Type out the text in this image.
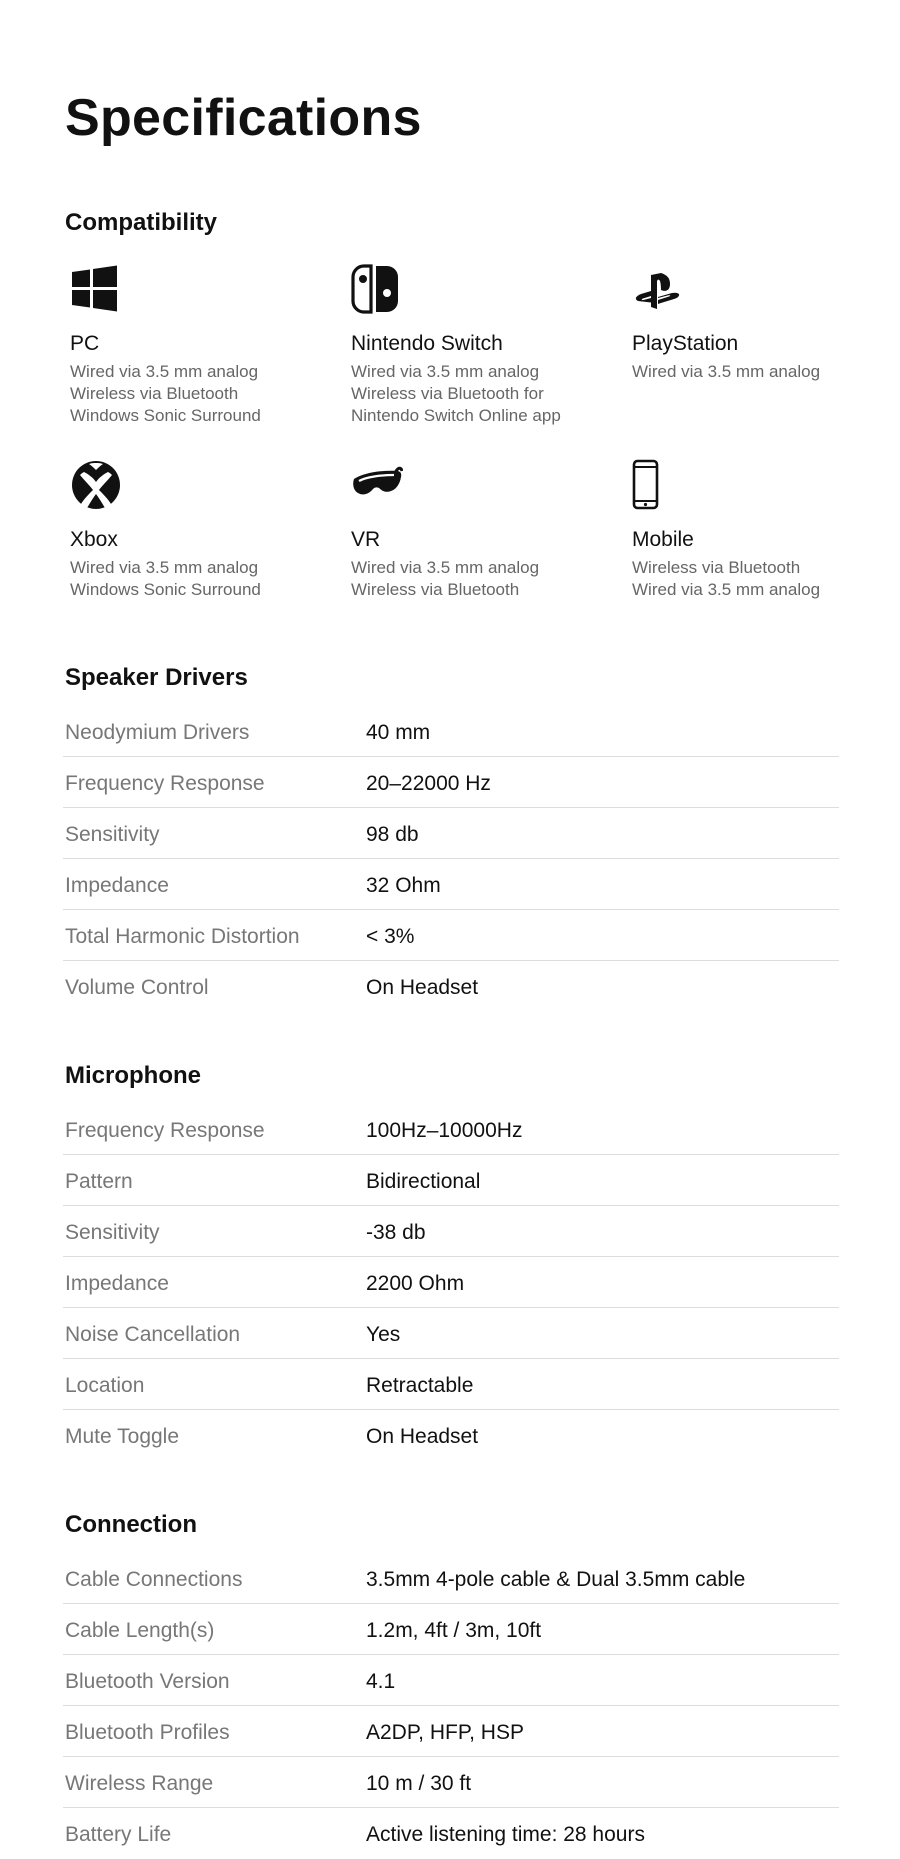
Specifications
Compatibility
PC
Wired via 3.5 mm analog
Wireless via Bluetooth
Windows Sonic Surround
Nintendo Switch
Wired via 3.5 mm analog
Wireless via Bluetooth for
Nintendo Switch Online app
PlayStation
Wired via 3.5 mm analog
Xbox
Wired via 3.5 mm analog
Windows Sonic Surround
VR
Wired via 3.5 mm analog
Wireless via Bluetooth
Mobile
Wireless via Bluetooth
Wired via 3.5 mm analog
Speaker Drivers
Neodymium Drivers	40 mm
Frequency Response	20–22000 Hz
Sensitivity	98 db
Impedance	32 Ohm
Total Harmonic Distortion	< 3%
Volume Control	On Headset
Microphone
Frequency Response	100Hz–10000Hz
Pattern	Bidirectional
Sensitivity	-38 db
Impedance	2200 Ohm
Noise Cancellation	Yes
Location	Retractable
Mute Toggle	On Headset
Connection
Cable Connections	3.5mm 4-pole cable & Dual 3.5mm cable
Cable Length(s)	1.2m, 4ft / 3m, 10ft
Bluetooth Version	4.1
Bluetooth Profiles	A2DP, HFP, HSP
Wireless Range	10 m / 30 ft
Battery Life	Active listening time: 28 hours
